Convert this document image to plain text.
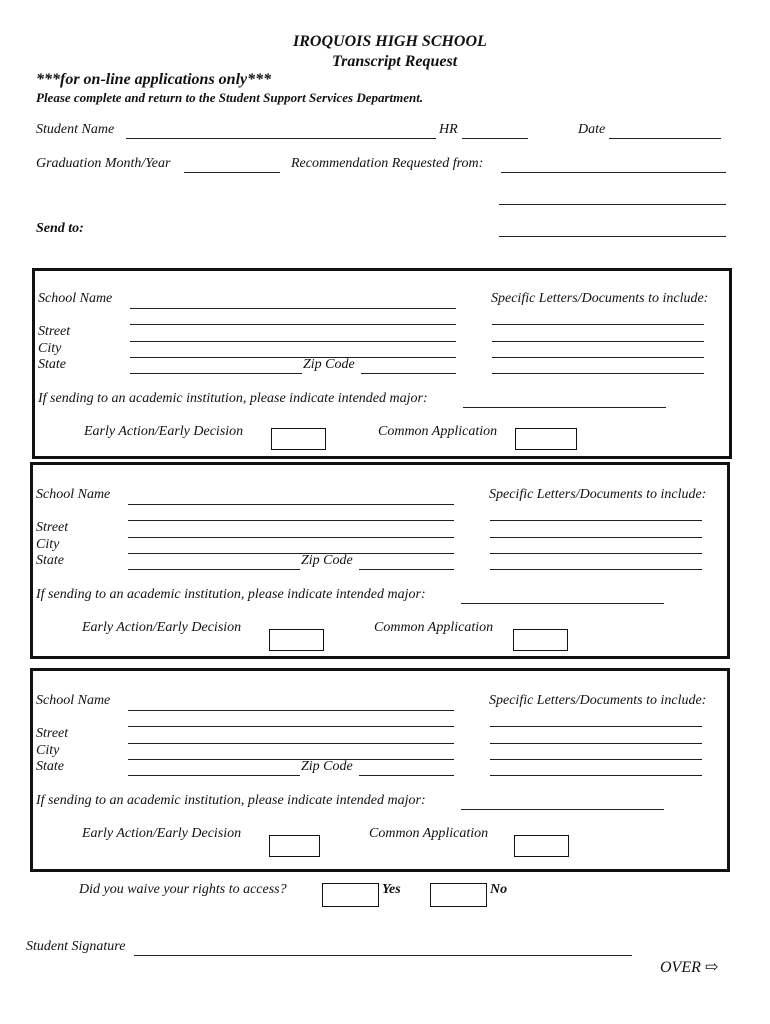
IROQUOIS HIGH SCHOOL
Transcript Request
***for on-line applications only***
Please complete and return to the Student Support Services Department.
Student Name	HR	Date
Graduation Month/Year	Recommendation Requested from:
Send to:
School Name
Street
City
State	Zip Code
Specific Letters/Documents to include:
If sending to an academic institution, please indicate intended major:
Early Action/Early Decision	Common Application
School Name
Street
City
State	Zip Code
Specific Letters/Documents to include:
If sending to an academic institution, please indicate intended major:
Early Action/Early Decision	Common Application
School Name
Street
City
State	Zip Code
Specific Letters/Documents to include:
If sending to an academic institution, please indicate intended major:
Early Action/Early Decision	Common Application
Did you waive your rights to access?	Yes	No
Student Signature
OVER ⇨
